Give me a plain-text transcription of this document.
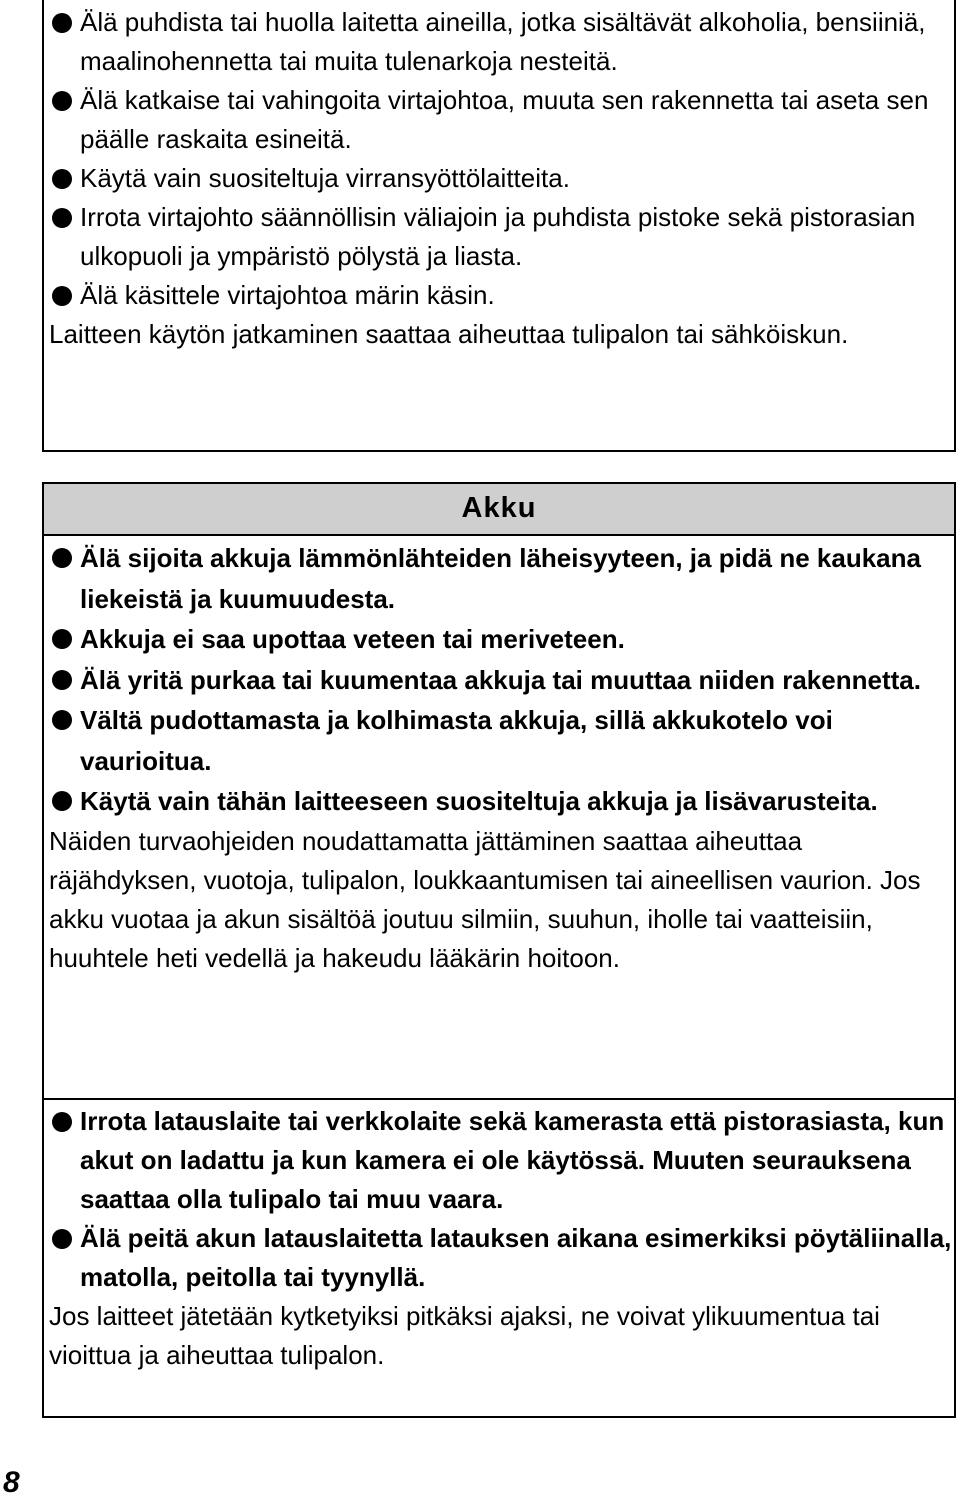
Älä puhdista tai huolla laitetta aineilla, jotka sisältävät alkoholia, bensiiniä, maalinohennetta tai muita tulenarkoja nesteitä.

Älä katkaise tai vahingoita virtajohtoa, muuta sen rakennetta tai aseta sen päälle raskaita esineitä.

Käytä vain suositeltuja virransyöttölaitteita.

Irrota virtajohto säännöllisin väliajoin ja puhdista pistoke sekä pistorasian ulkopuoli ja ympäristö pölystä ja liasta.

Älä käsittele virtajohtoa märin käsin.

Laitteen käytön jatkaminen saattaa aiheuttaa tulipalon tai sähköiskun.

Akku

Älä sijoita akkuja lämmönlähteiden läheisyyteen, ja pidä ne kaukana liekeistä ja kuumuudesta.

Akkuja ei saa upottaa veteen tai meriveteen.

Älä yritä purkaa tai kuumentaa akkuja tai muuttaa niiden rakennetta.

Vältä pudottamasta ja kolhimasta akkuja, sillä akkukotelo voi vaurioitua.

Käytä vain tähän laitteeseen suositeltuja akkuja ja lisävarusteita.

Näiden turvaohjeiden noudattamatta jättäminen saattaa aiheuttaa räjähdyksen, vuotoja, tulipalon, loukkaantumisen tai aineellisen vaurion. Jos akku vuotaa ja akun sisältöä joutuu silmiin, suuhun, iholle tai vaatteisiin, huuhtele heti vedellä ja hakeudu lääkärin hoitoon.

Irrota latauslaite tai verkkolaite sekä kamerasta että pistorasiasta, kun akut on ladattu ja kun kamera ei ole käytössä. Muuten seurauksena saattaa olla tulipalo tai muu vaara.

Älä peitä akun latauslaitetta latauksen aikana esimerkiksi pöytäliinalla, matolla, peitolla tai tyynyllä.

Jos laitteet jätetään kytketyiksi pitkäksi ajaksi, ne voivat ylikuumentua tai vioittua ja aiheuttaa tulipalon.

8
